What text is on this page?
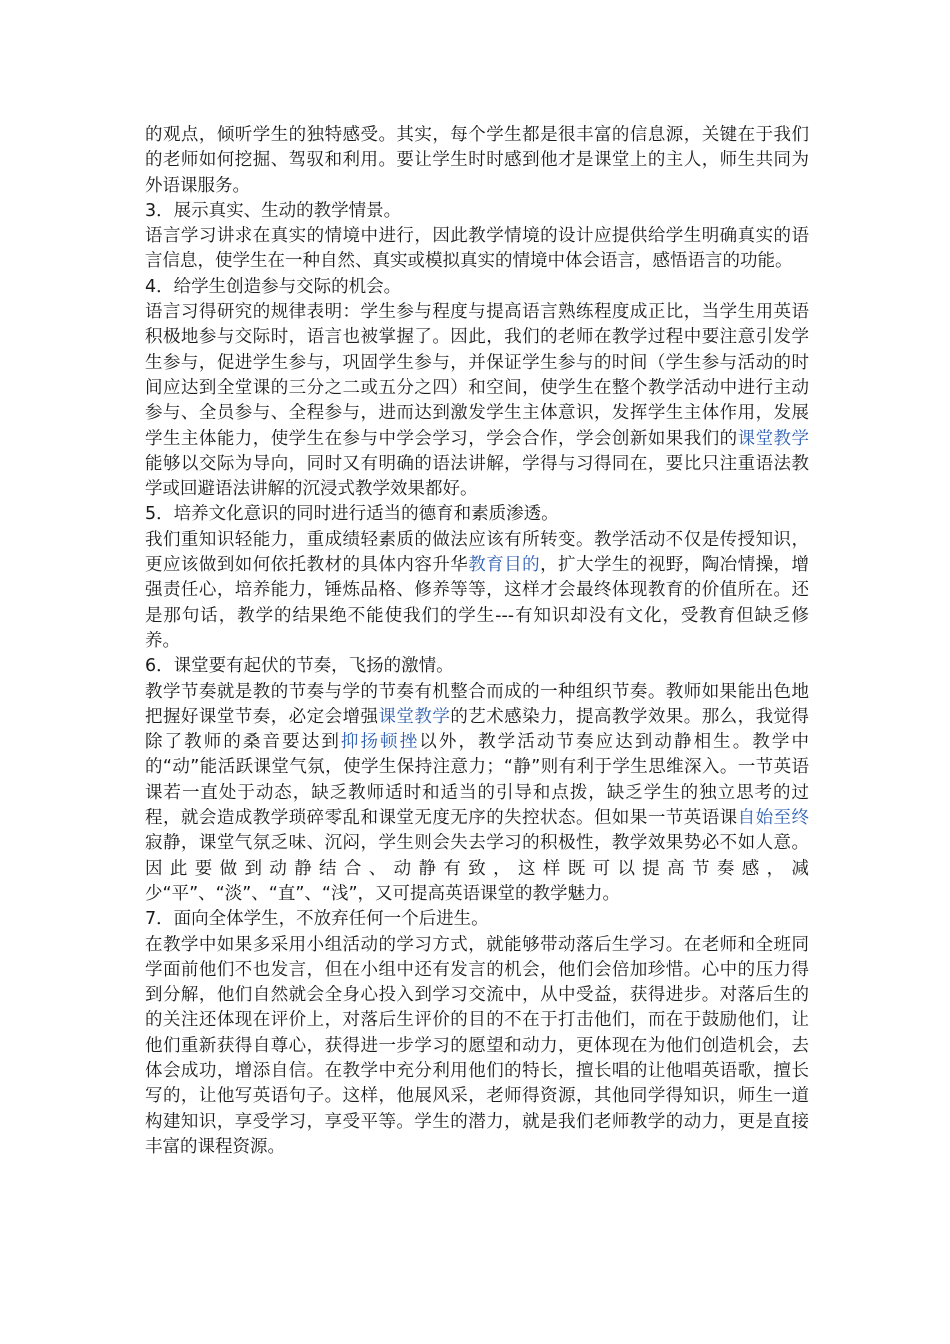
的观点，倾听学生的独特感受。其实，每个学生都是很丰富的信息源，关键在于我们的老师如何挖掘、驾驭和利用。要让学生时时感到他才是课堂上的主人，师生共同为外语课服务。

3．展示真实、生动的教学情景。

语言学习讲求在真实的情境中进行，因此教学情境的设计应提供给学生明确真实的语言信息，使学生在一种自然、真实或模拟真实的情境中体会语言，感悟语言的功能。

4．给学生创造参与交际的机会。

语言习得研究的规律表明：学生参与程度与提高语言熟练程度成正比，当学生用英语积极地参与交际时，语言也被掌握了。因此，我们的老师在教学过程中要注意引发学生参与，促进学生参与，巩固学生参与，并保证学生参与的时间（学生参与活动的时间应达到全堂课的三分之二或五分之四）和空间，使学生在整个教学活动中进行主动参与、全员参与、全程参与，进而达到激发学生主体意识，发挥学生主体作用，发展学生主体能力，使学生在参与中学会学习，学会合作，学会创新如果我们的课堂教学能够以交际为导向，同时又有明确的语法讲解，学得与习得同在，要比只注重语法教学或回避语法讲解的沉浸式教学效果都好。

5．培养文化意识的同时进行适当的德育和素质渗透。

我们重知识轻能力，重成绩轻素质的做法应该有所转变。教学活动不仅是传授知识，更应该做到如何依托教材的具体内容升华教育目的，扩大学生的视野，陶冶情操，增强责任心，培养能力，锤炼品格、修养等等，这样才会最终体现教育的价值所在。还是那句话，教学的结果绝不能使我们的学生---有知识却没有文化，受教育但缺乏修养。

6．课堂要有起伏的节奏，飞扬的激情。

教学节奏就是教的节奏与学的节奏有机整合而成的一种组织节奏。教师如果能出色地把握好课堂节奏，必定会增强课堂教学的艺术感染力，提高教学效果。那么，我觉得除了教师的桑音要达到抑扬顿挫以外，教学活动节奏应达到动静相生。教学中的“动”能活跃课堂气氛，使学生保持注意力；“静”则有利于学生思维深入。一节英语课若一直处于动态，缺乏教师适时和适当的引导和点拨，缺乏学生的独立思考的过程，就会造成教学琐碎零乱和课堂无度无序的失控状态。但如果一节英语课自始至终寂静，课堂气氛乏味、沉闷，学生则会失去学习的积极性，教学效果势必不如人意。因此要做到动静结合、动静有致，这样既可以提高节奏感，减少“平”、“淡”、“直”、“浅”，又可提高英语课堂的教学魅力。

7．面向全体学生，不放弃任何一个后进生。

在教学中如果多采用小组活动的学习方式，就能够带动落后生学习。在老师和全班同学面前他们不也发言，但在小组中还有发言的机会，他们会倍加珍惜。心中的压力得到分解，他们自然就会全身心投入到学习交流中，从中受益，获得进步。对落后生的的关注还体现在评价上，对落后生评价的目的不在于打击他们，而在于鼓励他们，让他们重新获得自尊心，获得进一步学习的愿望和动力，更体现在为他们创造机会，去体会成功，增添自信。在教学中充分利用他们的特长，擅长唱的让他唱英语歌，擅长写的，让他写英语句子。这样，他展风采，老师得资源，其他同学得知识，师生一道构建知识，享受学习，享受平等。学生的潜力，就是我们老师教学的动力，更是直接丰富的课程资源。
